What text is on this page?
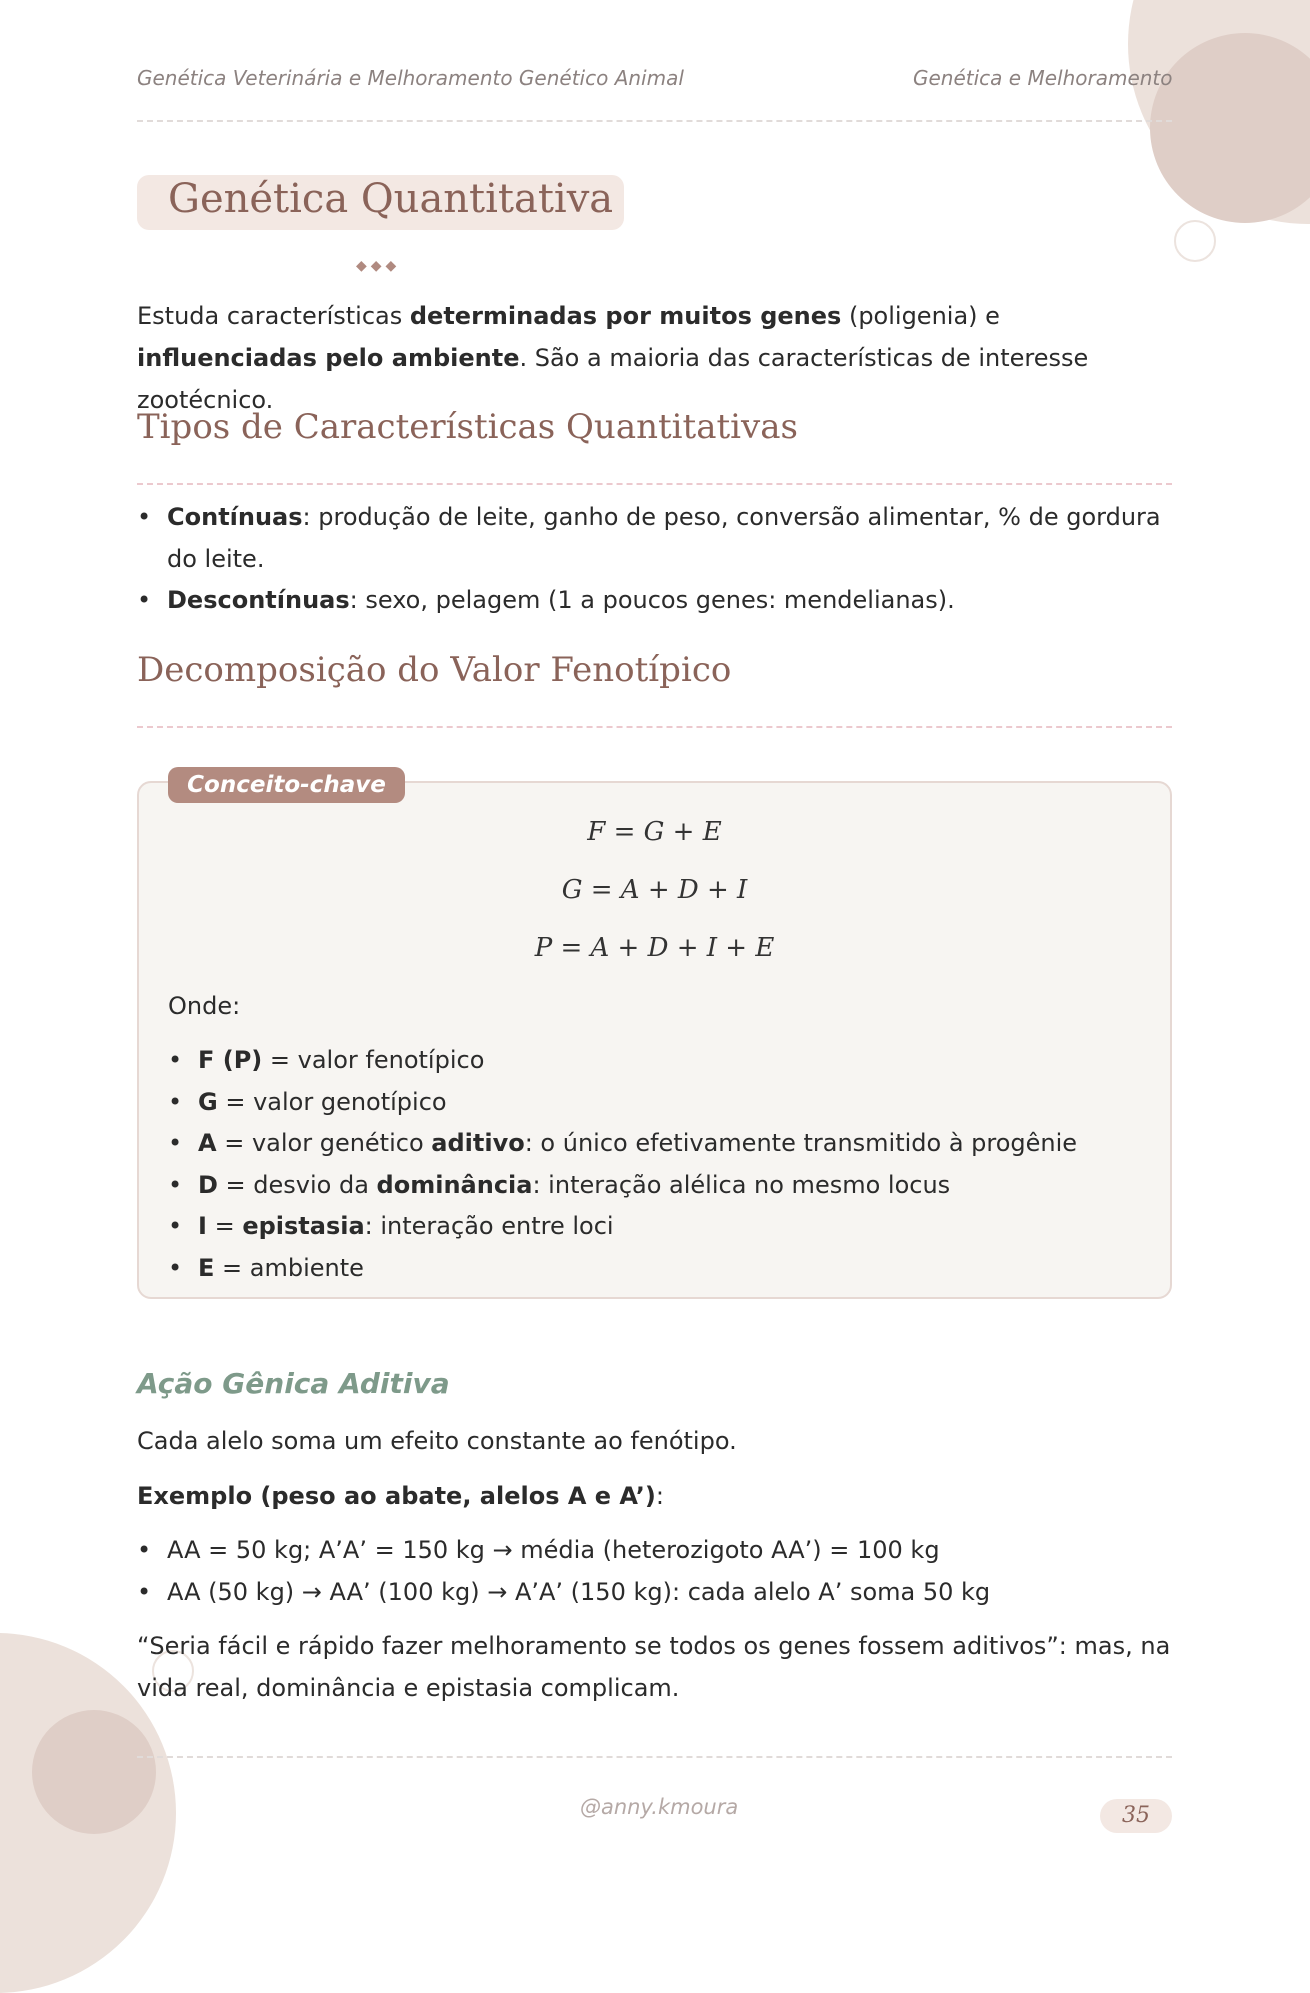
Genética Veterinária e Melhoramento Genético Animal	Genética e Melhoramento
Genética Quantitativa
◆◆◆
Estuda características determinadas por muitos genes (poligenia) e influenciadas pelo ambiente. São a maioria das características de interesse zootécnico.
Tipos de Características Quantitativas
• Contínuas: produção de leite, ganho de peso, conversão alimentar, % de gordura do leite.
• Descontínuas: sexo, pelagem (1 a poucos genes: mendelianas).
Decomposição do Valor Fenotípico
Conceito-chave
F = G + E
G = A + D + I
P = A + D + I + E
Onde:
• F (P) = valor fenotípico
• G = valor genotípico
• A = valor genético aditivo: o único efetivamente transmitido à progênie
• D = desvio da dominância: interação alélica no mesmo locus
• I = epistasia: interação entre loci
• E = ambiente
Ação Gênica Aditiva
Cada alelo soma um efeito constante ao fenótipo.
Exemplo (peso ao abate, alelos A e A’):
• AA = 50 kg; A’A’ = 150 kg → média (heterozigoto AA’) = 100 kg
• AA (50 kg) → AA’ (100 kg) → A’A’ (150 kg): cada alelo A’ soma 50 kg
“Seria fácil e rápido fazer melhoramento se todos os genes fossem aditivos”: mas, na vida real, dominância e epistasia complicam.
@anny.kmoura	35
